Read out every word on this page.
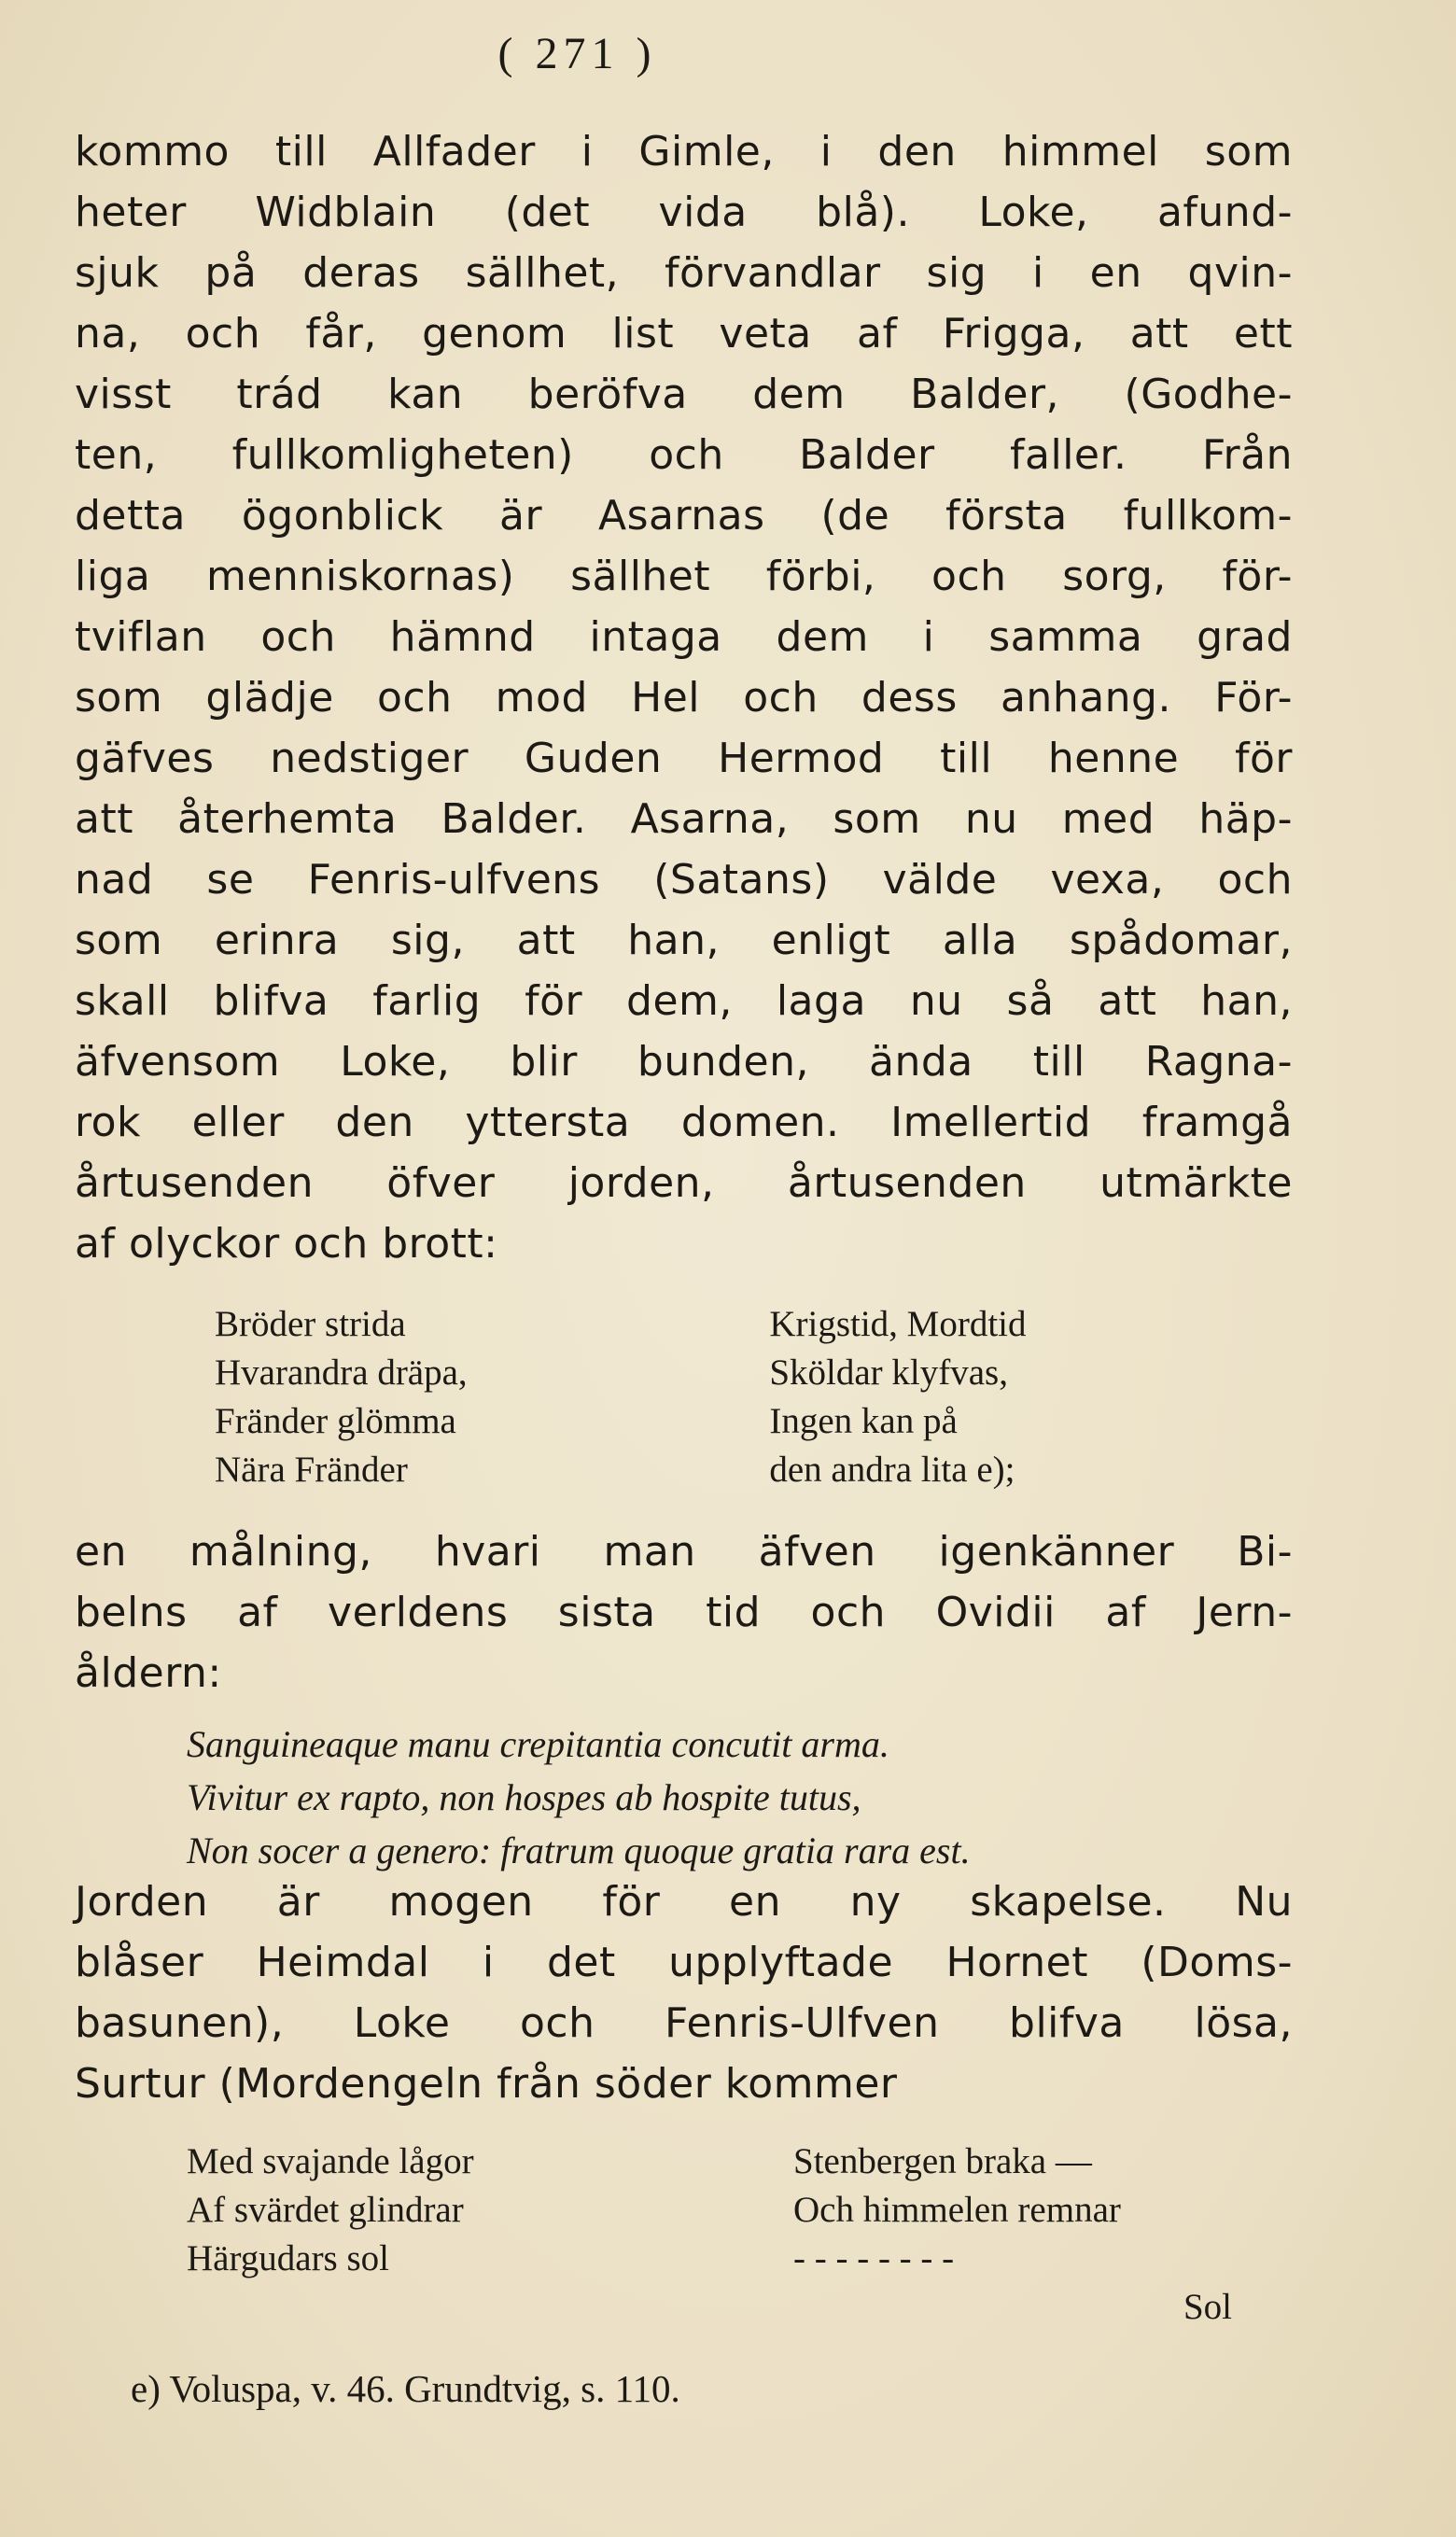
( 271 )
kommo till Allfader i Gimle, i den himmel som
heter Widblain (det vida blå). Loke, afund-
sjuk på deras sällhet, förvandlar sig i en qvin-
na, och får, genom list veta af Frigga, att ett
visst trád kan beröfva dem Balder, (Godhe-
ten, fullkomligheten) och Balder faller. Från
detta ögonblick är Asarnas (de första fullkom-
liga menniskornas) sällhet förbi, och sorg, för-
tviflan och hämnd intaga dem i samma grad
som glädje och mod Hel och dess anhang. För-
gäfves nedstiger Guden Hermod till henne för
att återhemta Balder. Asarna, som nu med häp-
nad se Fenris-ulfvens (Satans) välde vexa, och
som erinra sig, att han, enligt alla spådomar,
skall blifva farlig för dem, laga nu så att han,
äfvensom Loke, blir bunden, ända till Ragna-
rok eller den yttersta domen. Imellertid framgå
årtusenden öfver jorden, årtusenden utmärkte
af olyckor och brott:
Bröder strida	Krigstid, Mordtid
Hvarandra dräpa,	Sköldar klyfvas,
Fränder glömma	Ingen kan på
Nära Fränder	den andra lita e);
en målning, hvari man äfven igenkänner Bi-
belns af verldens sista tid och Ovidii af Jern-
åldern:
Sanguineaque manu crepitantia concutit arma.
Vivitur ex rapto, non hospes ab hospite tutus,
Non socer a genero: fratrum quoque gratia rara est.
Jorden är mogen för en ny skapelse. Nu
blåser Heimdal i det upplyftade Hornet (Doms-
basunen), Loke och Fenris-Ulfven blifva lösa,
Surtur (Mordengeln från söder kommer
Med svajande lågor	Stenbergen braka —
Af svärdet glindrar	Och himmelen remnar
Härgudars sol	- - - - - - - -
Sol
e) Voluspa, v. 46. Grundtvig, s. 110.
